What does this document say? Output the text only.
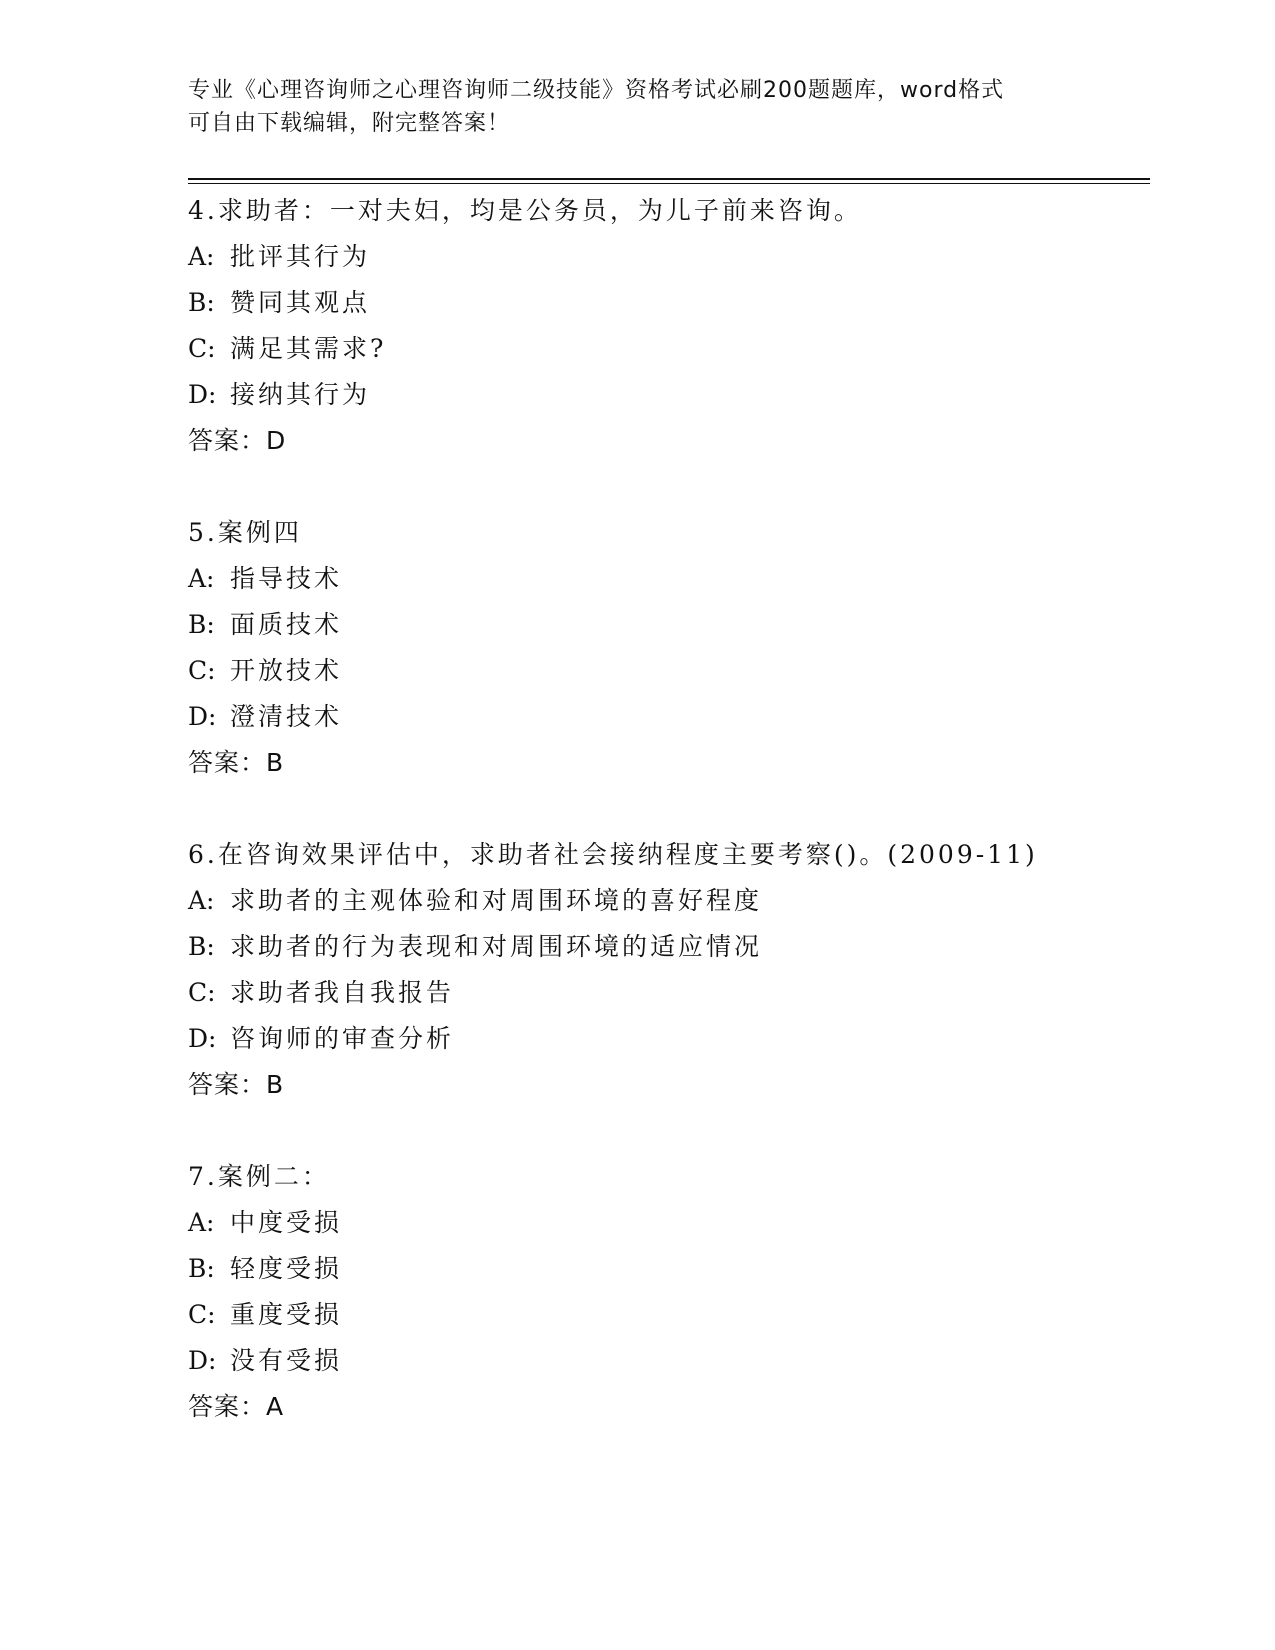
专业《心理咨询师之心理咨询师二级技能》资格考试必刷200题题库，word格式
可自由下载编辑，附完整答案！
4.求助者：一对夫妇，均是公务员，为儿子前来咨询。
A: 批评其行为
B: 赞同其观点
C: 满足其需求?
D: 接纳其行为
答案：D
5.案例四
A: 指导技术
B: 面质技术
C: 开放技术
D: 澄清技术
答案：B
6.在咨询效果评估中，求助者社会接纳程度主要考察()。(2009-11)
A: 求助者的主观体验和对周围环境的喜好程度
B: 求助者的行为表现和对周围环境的适应情况
C: 求助者我自我报告
D: 咨询师的审查分析
答案：B
7.案例二：
A: 中度受损
B: 轻度受损
C: 重度受损
D: 没有受损
答案：A
